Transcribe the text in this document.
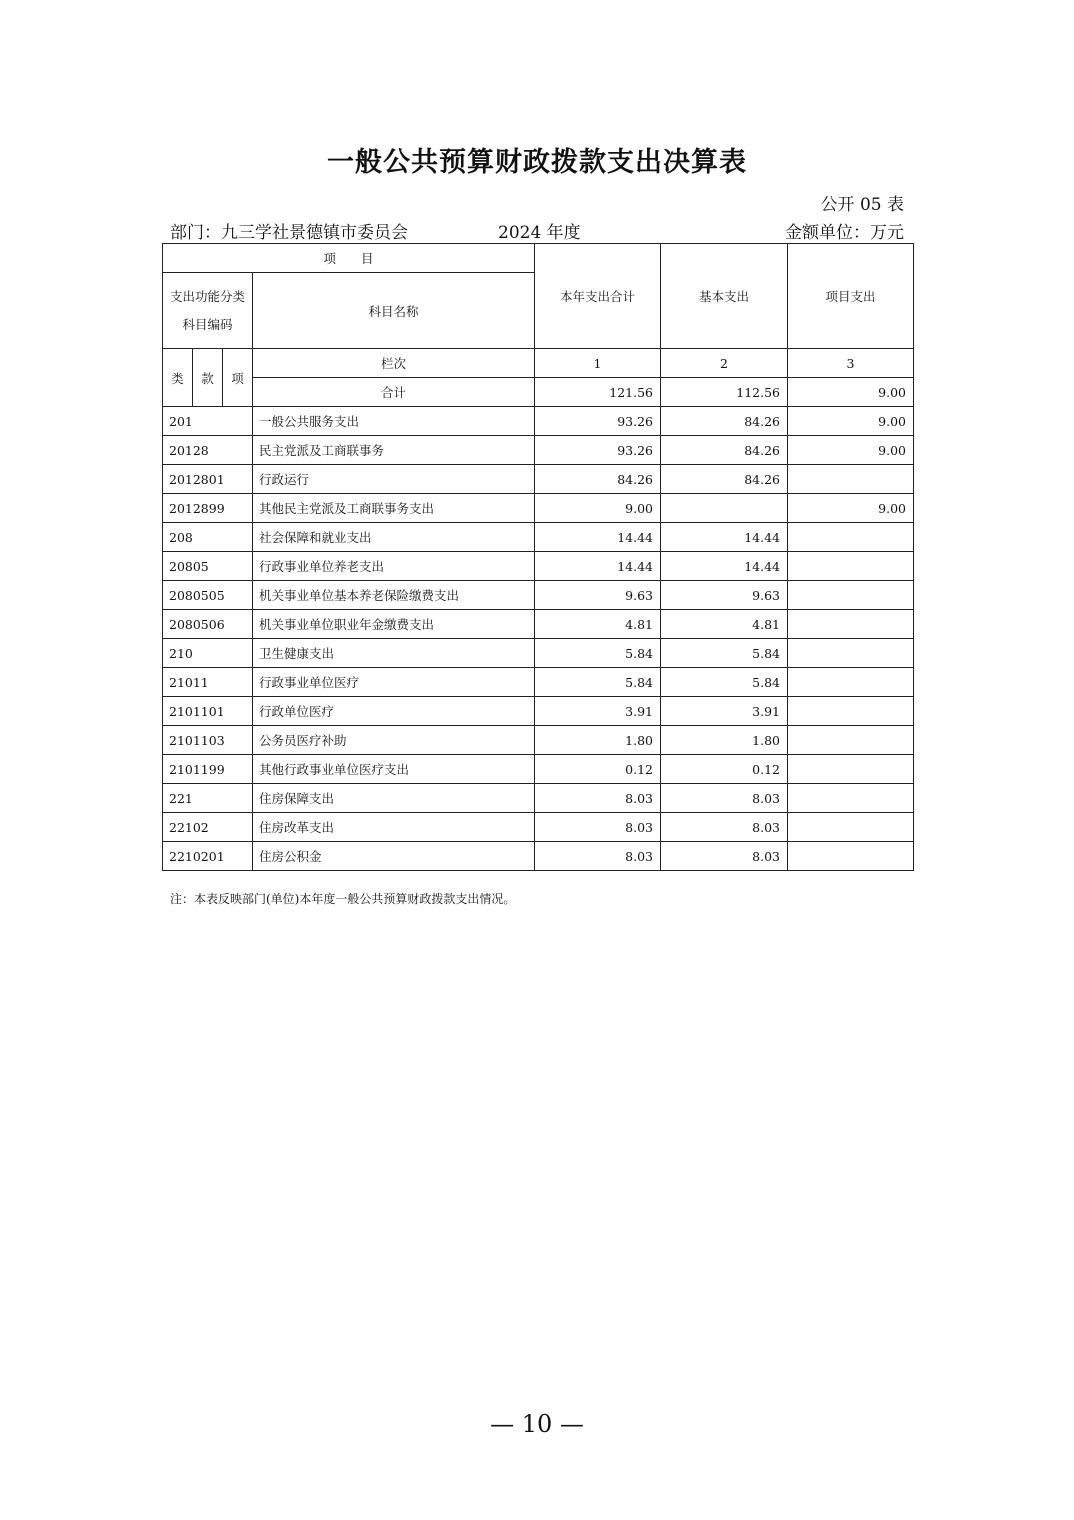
一般公共预算财政拨款支出决算表
公开 05 表
部门：九三学社景德镇市委员会	2024 年度	金额单位：万元
项　　目				本年支出合计	基本支出	项目支出
支出功能分类科目编码			科目名称			
类	款	项	栏次	1	2	3
			合计	121.56	112.56	9.00
201			一般公共服务支出	93.26	84.26	9.00
20128			民主党派及工商联事务	93.26	84.26	9.00
2012801			行政运行	84.26	84.26	
2012899			其他民主党派及工商联事务支出	9.00		9.00
208			社会保障和就业支出	14.44	14.44	
20805			行政事业单位养老支出	14.44	14.44	
2080505			机关事业单位基本养老保险缴费支出	9.63	9.63	
2080506			机关事业单位职业年金缴费支出	4.81	4.81	
210			卫生健康支出	5.84	5.84	
21011			行政事业单位医疗	5.84	5.84	
2101101			行政单位医疗	3.91	3.91	
2101103			公务员医疗补助	1.80	1.80	
2101199			其他行政事业单位医疗支出	0.12	0.12	
221			住房保障支出	8.03	8.03	
22102			住房改革支出	8.03	8.03	
2210201			住房公积金	8.03	8.03	
注：本表反映部门(单位)本年度一般公共预算财政拨款支出情况。
— 10 —
